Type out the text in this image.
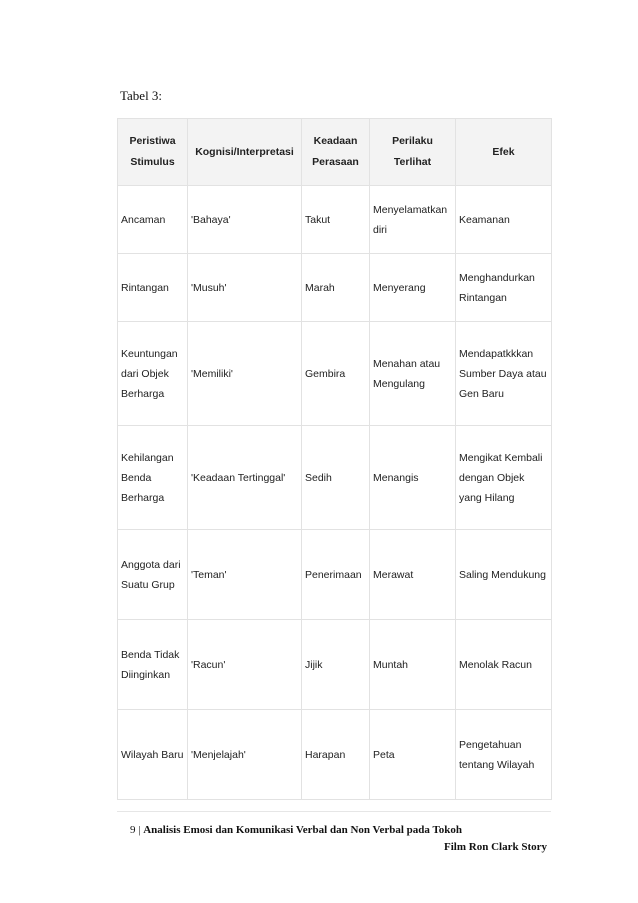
Tabel 3:
Peristiwa Stimulus	Kognisi/Interpretasi	Keadaan Perasaan	Perilaku Terlihat	Efek
Ancaman	'Bahaya'	Takut	Menyelamatkan diri	Keamanan
Rintangan	'Musuh'	Marah	Menyerang	Menghandurkan Rintangan
Keuntungan dari Objek Berharga	'Memiliki'	Gembira	Menahan atau Mengulang	Mendapatkkkan Sumber Daya atau Gen Baru
Kehilangan Benda Berharga	'Keadaan Tertinggal'	Sedih	Menangis	Mengikat Kembali dengan Objek yang Hilang
Anggota dari Suatu Grup	'Teman'	Penerimaan	Merawat	Saling Mendukung
Benda Tidak Diinginkan	'Racun'	Jijik	Muntah	Menolak Racun
Wilayah Baru	'Menjelajah'	Harapan	Peta	Pengetahuan tentang Wilayah
9 | Analisis Emosi dan Komunikasi Verbal dan Non Verbal pada Tokoh
Film Ron Clark Story
